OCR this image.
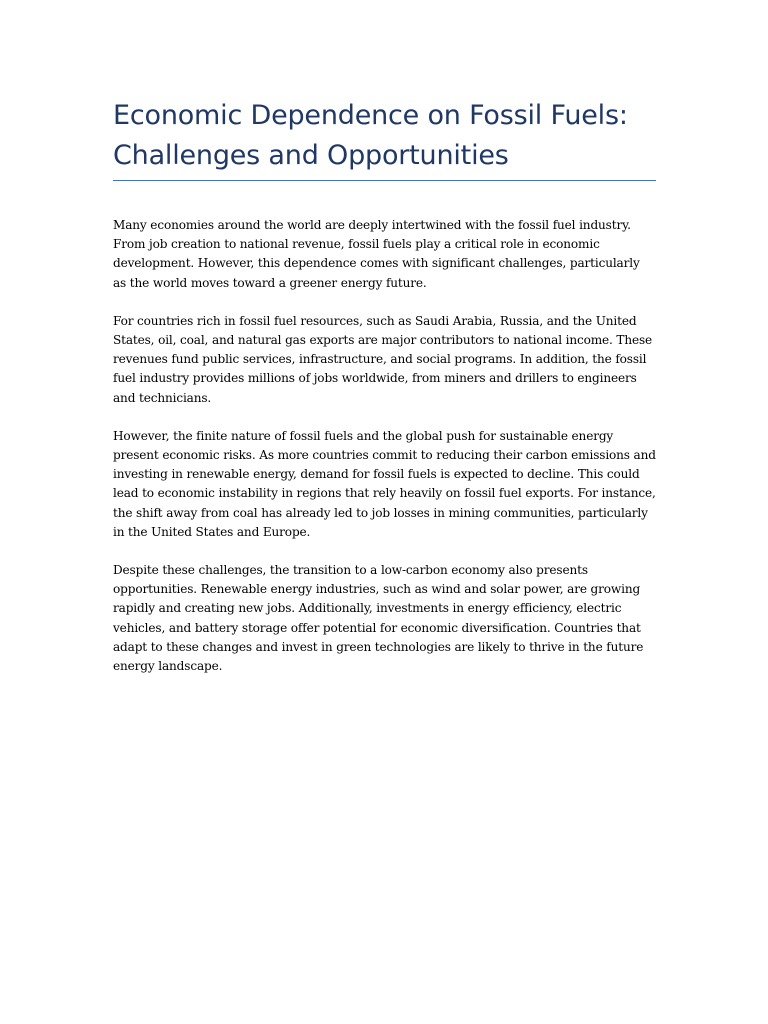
Economic Dependence on Fossil Fuels: Challenges and Opportunities

Many economies around the world are deeply intertwined with the fossil fuel industry. From job creation to national revenue, fossil fuels play a critical role in economic development. However, this dependence comes with significant challenges, particularly as the world moves toward a greener energy future.

For countries rich in fossil fuel resources, such as Saudi Arabia, Russia, and the United States, oil, coal, and natural gas exports are major contributors to national income. These revenues fund public services, infrastructure, and social programs. In addition, the fossil fuel industry provides millions of jobs worldwide, from miners and drillers to engineers and technicians.

However, the finite nature of fossil fuels and the global push for sustainable energy present economic risks. As more countries commit to reducing their carbon emissions and investing in renewable energy, demand for fossil fuels is expected to decline. This could lead to economic instability in regions that rely heavily on fossil fuel exports. For instance, the shift away from coal has already led to job losses in mining communities, particularly in the United States and Europe.

Despite these challenges, the transition to a low-carbon economy also presents opportunities. Renewable energy industries, such as wind and solar power, are growing rapidly and creating new jobs. Additionally, investments in energy efficiency, electric vehicles, and battery storage offer potential for economic diversification. Countries that adapt to these changes and invest in green technologies are likely to thrive in the future energy landscape.
